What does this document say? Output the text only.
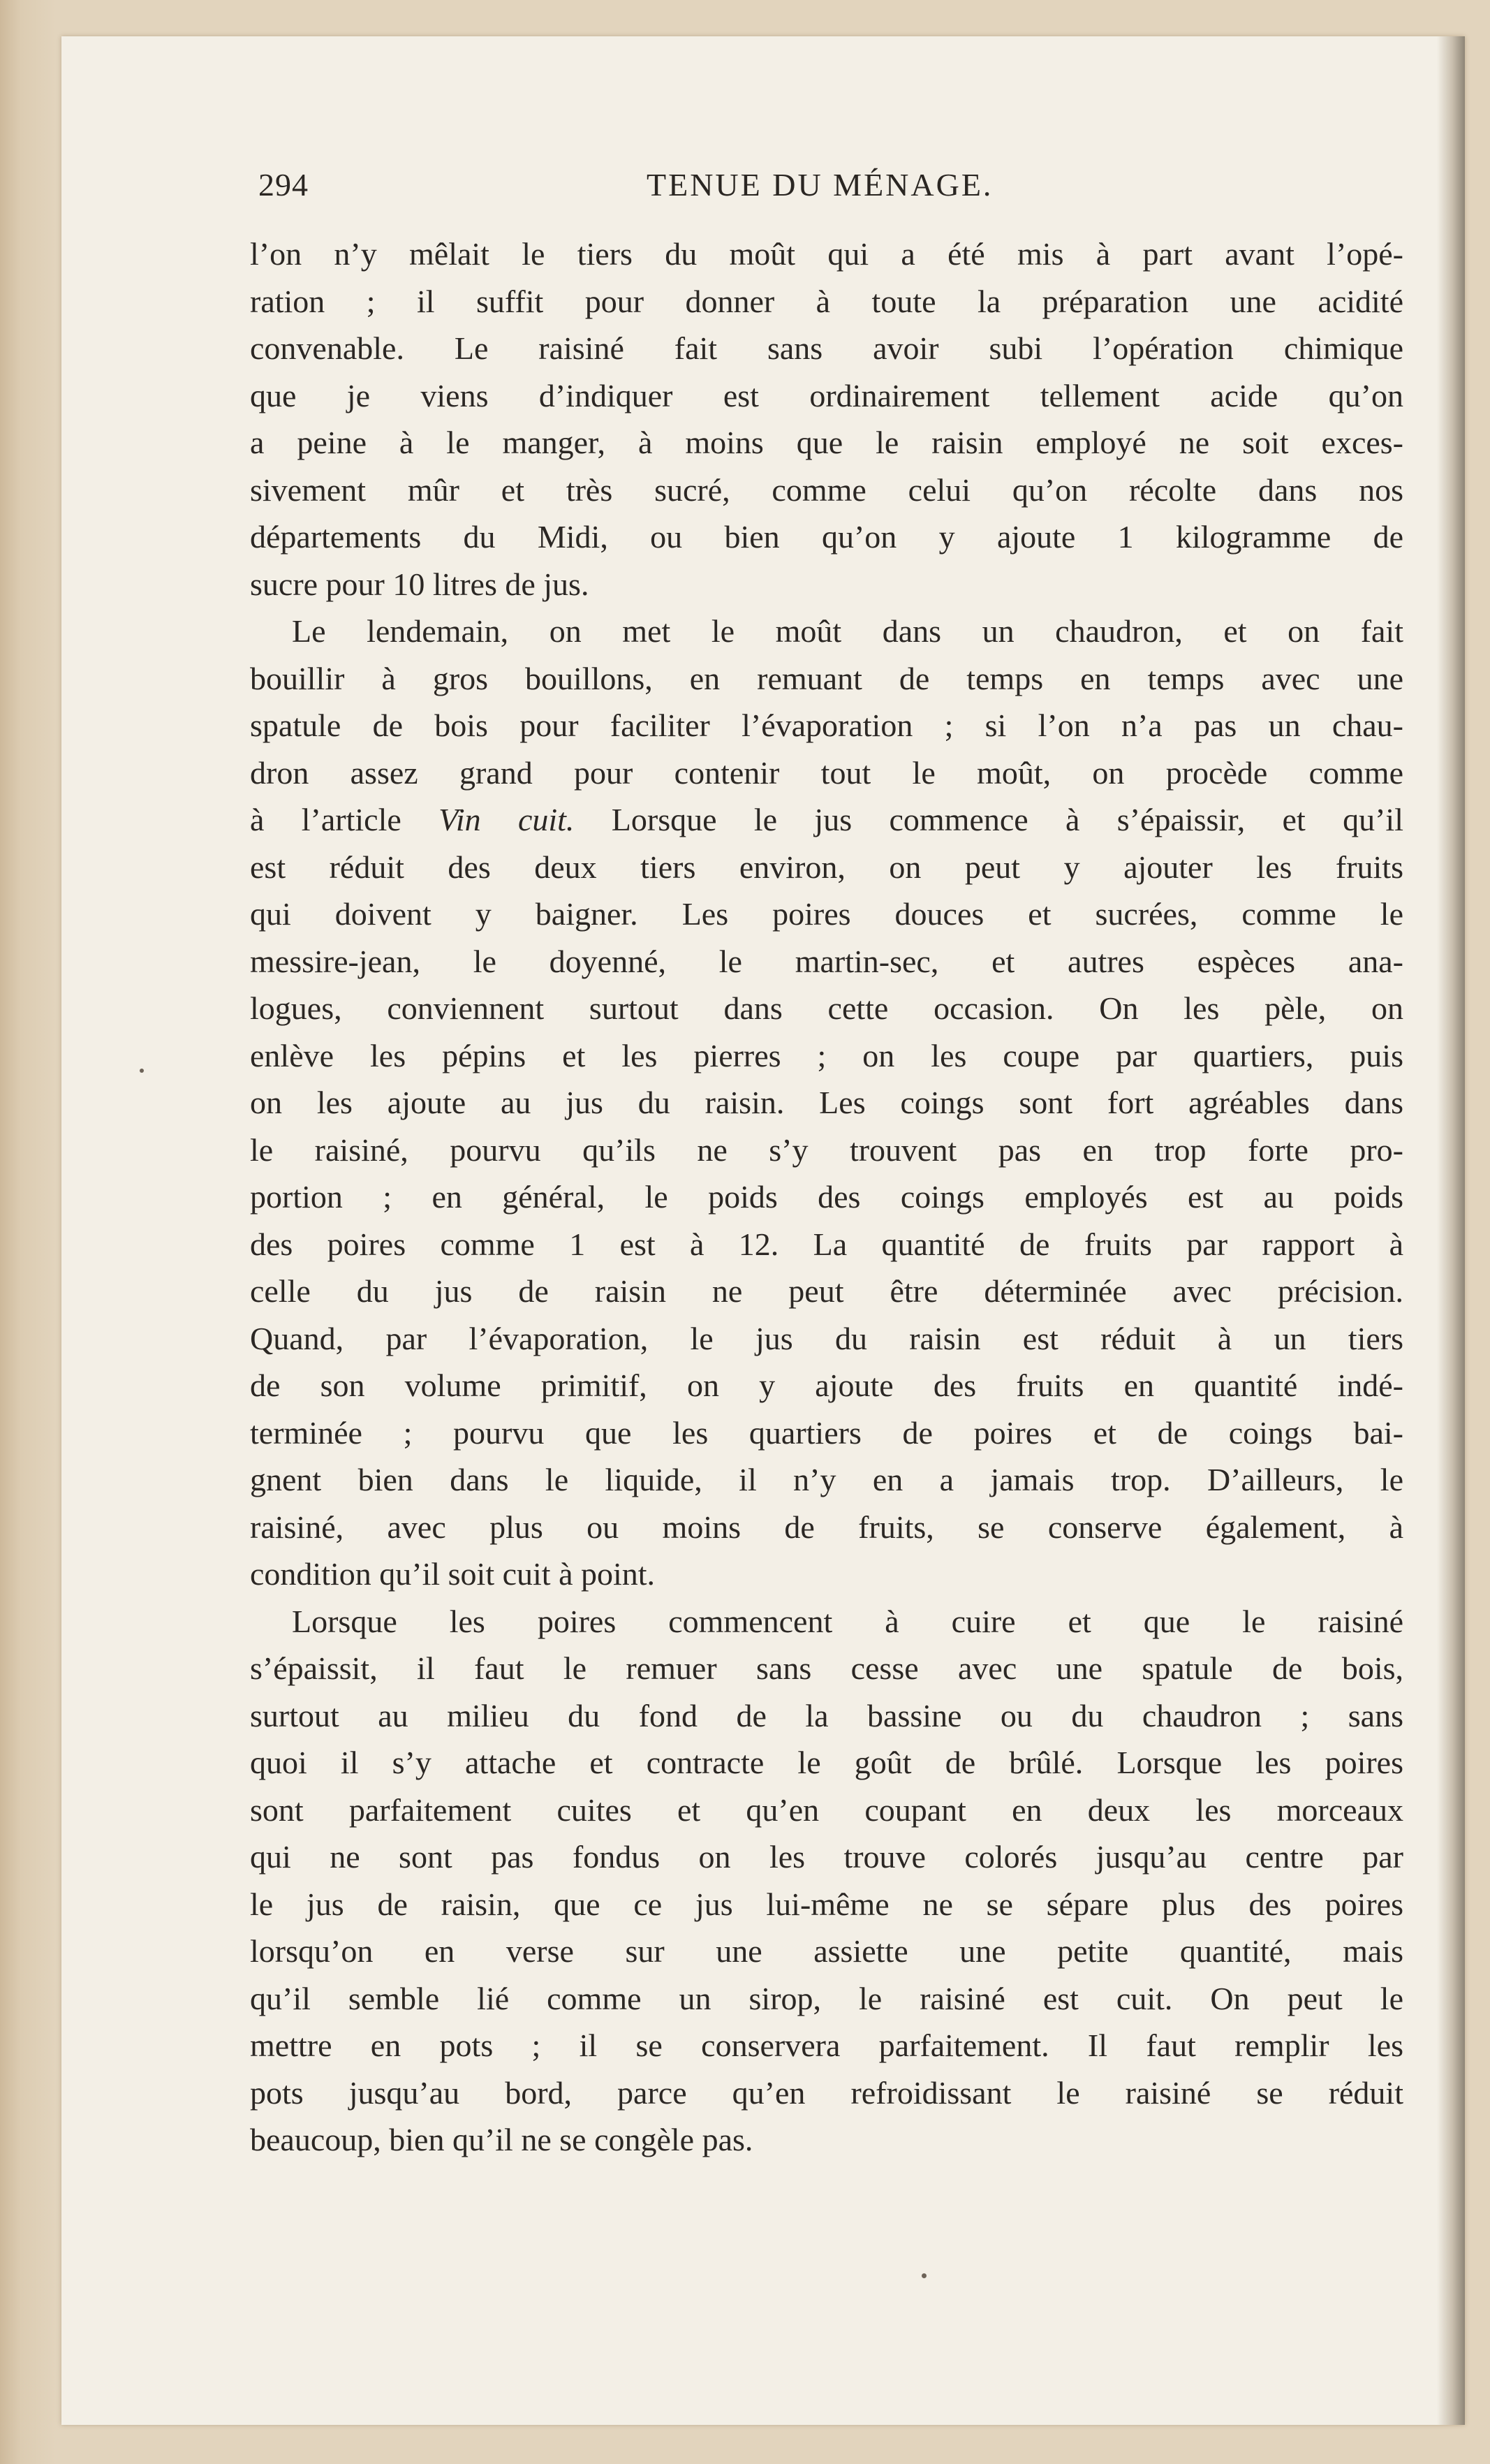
294	TENUE DU MÉNAGE.
l’on n’y mêlait le tiers du moût qui a été mis à part avant l’opé-
ration ; il suffit pour donner à toute la préparation une acidité
convenable. Le raisiné fait sans avoir subi l’opération chimique
que je viens d’indiquer est ordinairement tellement acide qu’on
a peine à le manger, à moins que le raisin employé ne soit exces-
sivement mûr et très sucré, comme celui qu’on récolte dans nos
départements du Midi, ou bien qu’on y ajoute 1 kilogramme de
sucre pour 10 litres de jus.
Le lendemain, on met le moût dans un chaudron, et on fait
bouillir à gros bouillons, en remuant de temps en temps avec une
spatule de bois pour faciliter l’évaporation ; si l’on n’a pas un chau-
dron assez grand pour contenir tout le moût, on procède comme
à l’article Vin cuit. Lorsque le jus commence à s’épaissir, et qu’il
est réduit des deux tiers environ, on peut y ajouter les fruits
qui doivent y baigner. Les poires douces et sucrées, comme le
messire-jean, le doyenné, le martin-sec, et autres espèces ana-
logues, conviennent surtout dans cette occasion. On les pèle, on
enlève les pépins et les pierres ; on les coupe par quartiers, puis
on les ajoute au jus du raisin. Les coings sont fort agréables dans
le raisiné, pourvu qu’ils ne s’y trouvent pas en trop forte pro-
portion ; en général, le poids des coings employés est au poids
des poires comme 1 est à 12. La quantité de fruits par rapport à
celle du jus de raisin ne peut être déterminée avec précision.
Quand, par l’évaporation, le jus du raisin est réduit à un tiers
de son volume primitif, on y ajoute des fruits en quantité indé-
terminée ; pourvu que les quartiers de poires et de coings bai-
gnent bien dans le liquide, il n’y en a jamais trop. D’ailleurs, le
raisiné, avec plus ou moins de fruits, se conserve également, à
condition qu’il soit cuit à point.
Lorsque les poires commencent à cuire et que le raisiné
s’épaissit, il faut le remuer sans cesse avec une spatule de bois,
surtout au milieu du fond de la bassine ou du chaudron ; sans
quoi il s’y attache et contracte le goût de brûlé. Lorsque les poires
sont parfaitement cuites et qu’en coupant en deux les morceaux
qui ne sont pas fondus on les trouve colorés jusqu’au centre par
le jus de raisin, que ce jus lui-même ne se sépare plus des poires
lorsqu’on en verse sur une assiette une petite quantité, mais
qu’il semble lié comme un sirop, le raisiné est cuit. On peut le
mettre en pots ; il se conservera parfaitement. Il faut remplir les
pots jusqu’au bord, parce qu’en refroidissant le raisiné se réduit
beaucoup, bien qu’il ne se congèle pas.
